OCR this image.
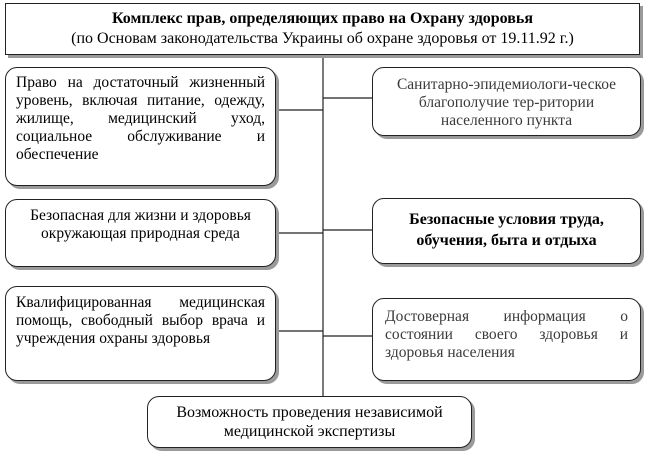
Комплекс прав, определяющих право на Охрану здоровья
(по Основам законодательства Украины об охране здоровья от 19.11.92 г.)
Право на достаточный жизненный уровень, включая питание, одежду, жилище, медицинский уход, социальное обслуживание и обеспечение
Безопасная для жизни и здоровья окружающая природная среда
Квалифицированная медицинская помощь, свободный выбор врача и учреждения охраны здоровья
Санитарно-эпидемиологи-ческое благополучие тер-ритории населенного пункта
Безопасные условия труда, обучения, быта и отдыха
Достоверная информация о состоянии своего здоровья и здоровья населения
Возможность проведения независимой медицинской экспертизы
